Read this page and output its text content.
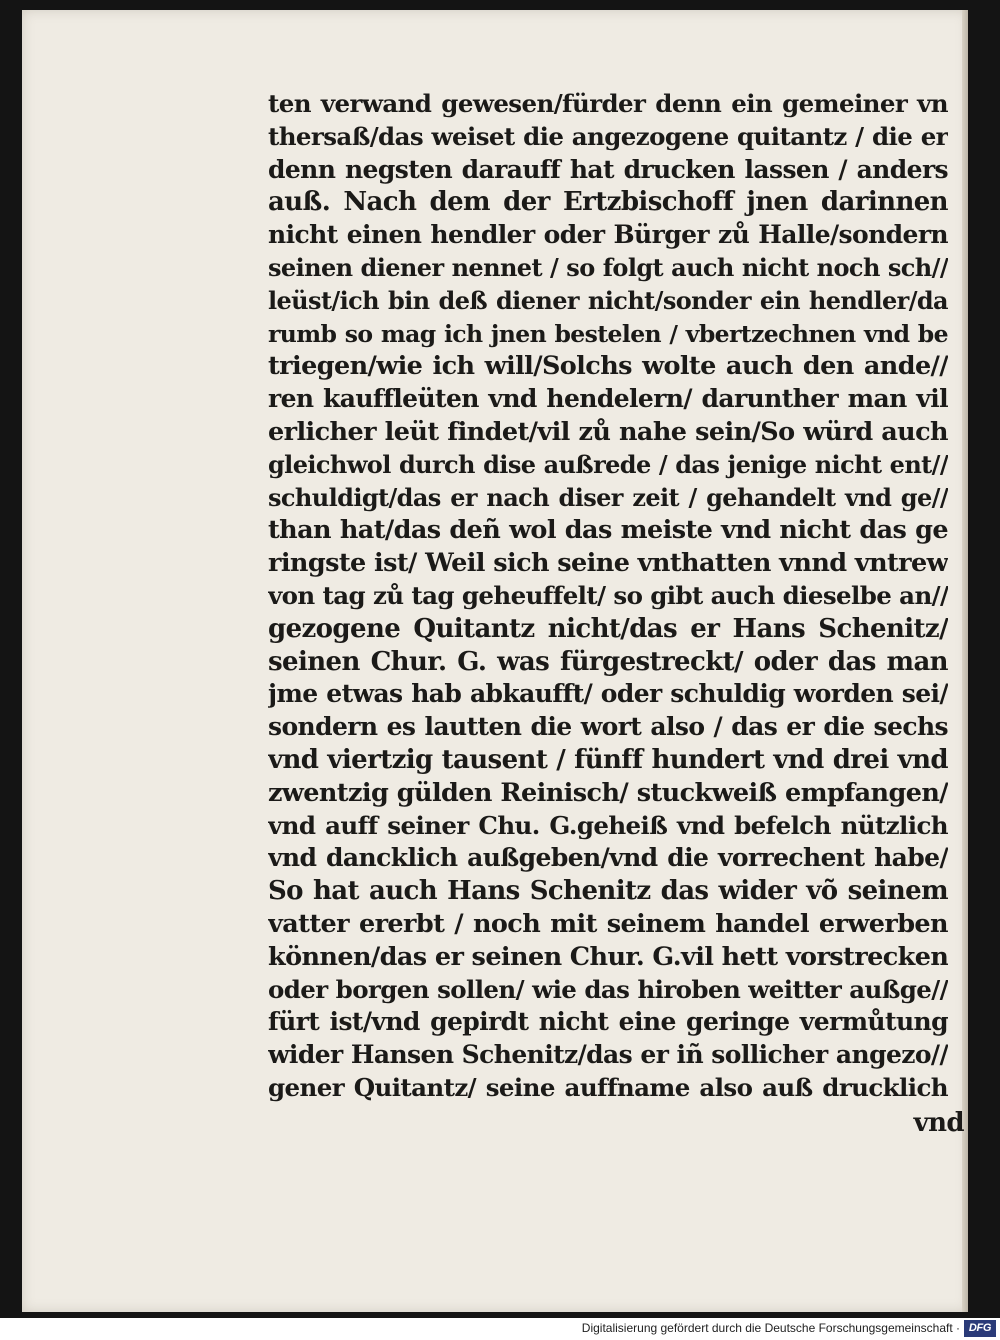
ten verwand gewesen/fürder denn ein gemeiner vn
thersaß/das weiset die angezogene quitantz / die er
denn negsten darauff hat drucken lassen / anders
auß. Nach dem der Ertzbischoff jnen darinnen
nicht einen hendler oder Bürger zů Halle/sondern
seinen diener nennet / so folgt auch nicht noch sch//
leüst/ich bin deß diener nicht/sonder ein hendler/da
rumb so mag ich jnen bestelen / vbertzechnen vnd be
triegen/wie ich will/Solchs wolte auch den ande//
ren kauffleüten vnd hendelern/ darunther man vil
erlicher leüt findet/vil zů nahe sein/So würd auch
gleichwol durch dise außrede / das jenige nicht ent//
schuldigt/das er nach diser zeit / gehandelt vnd ge//
than hat/das deñ wol das meiste vnd nicht das ge
ringste ist/ Weil sich seine vnthatten vnnd vntrew
von tag zů tag geheuffelt/ so gibt auch dieselbe an//
gezogene Quitantz nicht/das er Hans Schenitz/
seinen Chur. G. was fürgestreckt/ oder das man
jme etwas hab abkaufft/ oder schuldig worden sei/
sondern es lautten die wort also / das er die sechs
vnd viertzig tausent / fünff hundert vnd drei vnd
zwentzig gülden Reinisch/ stuckweiß empfangen/
vnd auff seiner Chu. G.geheiß vnd befelch nützlich
vnd dancklich außgeben/vnd die vorrechent habe/
So hat auch Hans Schenitz das wider võ seinem
vatter ererbt / noch mit seinem handel erwerben
können/das er seinen Chur. G.vil hett vorstrecken
oder borgen sollen/ wie das hiroben weitter außge//
fürt ist/vnd gepirdt nicht eine geringe vermůtung
wider Hansen Schenitz/das er iñ sollicher angezo//
gener Quitantz/ seine auffname also auß drucklich
vnd
Digitalisierung gefördert durch die Deutsche Forschungsgemeinschaft · DFG
